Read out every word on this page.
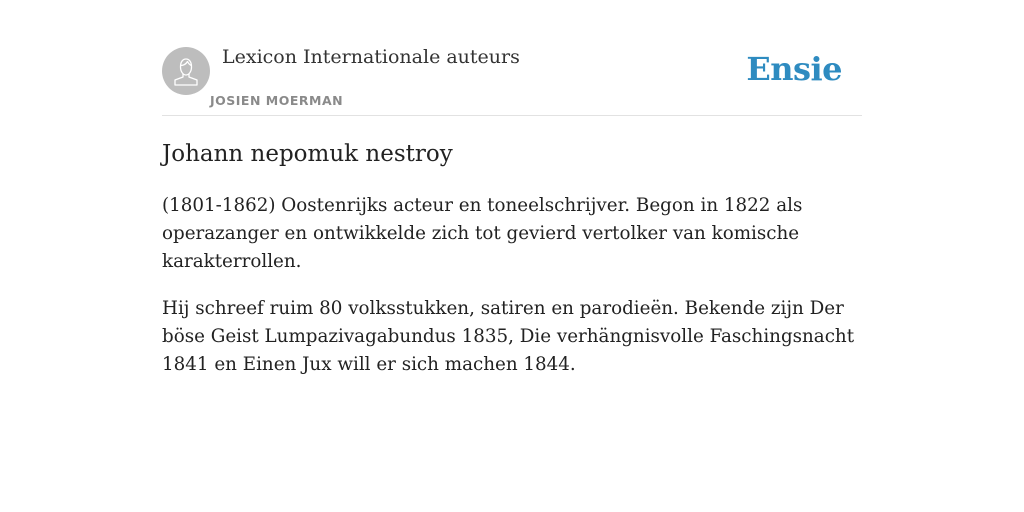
Lexicon Internationale auteurs
JOSIEN MOERMAN
Ensie
Johann nepomuk nestroy

(1801-1862) Oostenrijks acteur en toneelschrijver. Begon in 1822 als operazanger en ontwikkelde zich tot gevierd vertolker van komische karakterrollen.

Hij schreef ruim 80 volksstukken, satiren en parodieën. Bekende zijn Der böse Geist Lumpazivagabundus 1835, Die verhängnisvolle Faschingsnacht 1841 en Einen Jux will er sich machen 1844.
